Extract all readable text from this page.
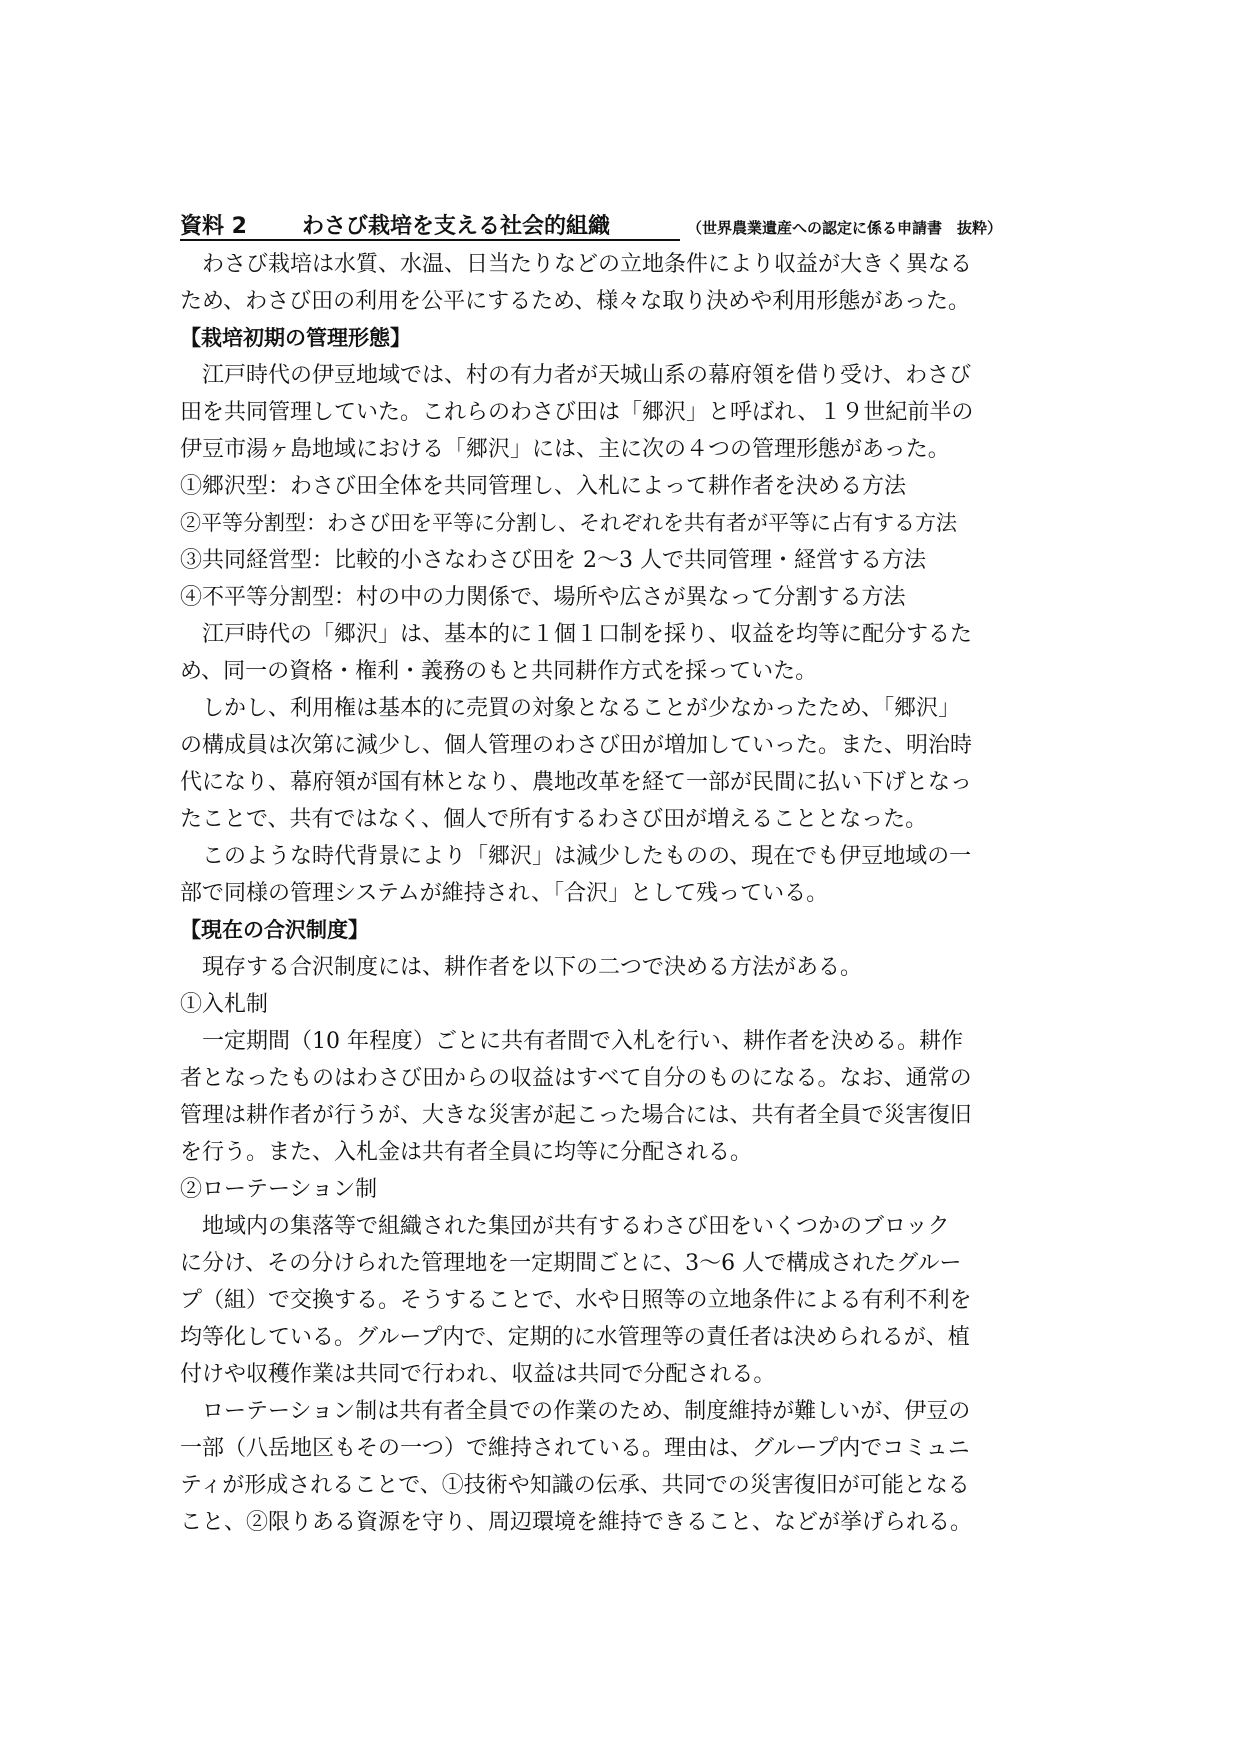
資料 2	わさび栽培を支える社会的組織	（世界農業遺産への認定に係る申請書　抜粋）
わさび栽培は水質、水温、日当たりなどの立地条件により収益が大きく異なる
ため、わさび田の利用を公平にするため、様々な取り決めや利用形態があった。
【栽培初期の管理形態】
江戸時代の伊豆地域では、村の有力者が天城山系の幕府領を借り受け、わさび
田を共同管理していた。これらのわさび田は「郷沢」と呼ばれ、１９世紀前半の
伊豆市湯ヶ島地域における「郷沢」には、主に次の４つの管理形態があった。
①郷沢型：わさび田全体を共同管理し、入札によって耕作者を決める方法
②平等分割型：わさび田を平等に分割し、それぞれを共有者が平等に占有する方法
③共同経営型：比較的小さなわさび田を 2〜3 人で共同管理・経営する方法
④不平等分割型：村の中の力関係で、場所や広さが異なって分割する方法
江戸時代の「郷沢」は、基本的に１個１口制を採り、収益を均等に配分するた
め、同一の資格・権利・義務のもと共同耕作方式を採っていた。
しかし、利用権は基本的に売買の対象となることが少なかったため、「郷沢」
の構成員は次第に減少し、個人管理のわさび田が増加していった。また、明治時
代になり、幕府領が国有林となり、農地改革を経て一部が民間に払い下げとなっ
たことで、共有ではなく、個人で所有するわさび田が増えることとなった。
このような時代背景により「郷沢」は減少したものの、現在でも伊豆地域の一
部で同様の管理システムが維持され、「合沢」として残っている。
【現在の合沢制度】
現存する合沢制度には、耕作者を以下の二つで決める方法がある。
①入札制
一定期間（10 年程度）ごとに共有者間で入札を行い、耕作者を決める。耕作
者となったものはわさび田からの収益はすべて自分のものになる。なお、通常の
管理は耕作者が行うが、大きな災害が起こった場合には、共有者全員で災害復旧
を行う。また、入札金は共有者全員に均等に分配される。
②ローテーション制
地域内の集落等で組織された集団が共有するわさび田をいくつかのブロック
に分け、その分けられた管理地を一定期間ごとに、3〜6 人で構成されたグルー
プ（組）で交換する。そうすることで、水や日照等の立地条件による有利不利を
均等化している。グループ内で、定期的に水管理等の責任者は決められるが、植
付けや収穫作業は共同で行われ、収益は共同で分配される。
ローテーション制は共有者全員での作業のため、制度維持が難しいが、伊豆の
一部（八岳地区もその一つ）で維持されている。理由は、グループ内でコミュニ
ティが形成されることで、①技術や知識の伝承、共同での災害復旧が可能となる
こと、②限りある資源を守り、周辺環境を維持できること、などが挙げられる。
